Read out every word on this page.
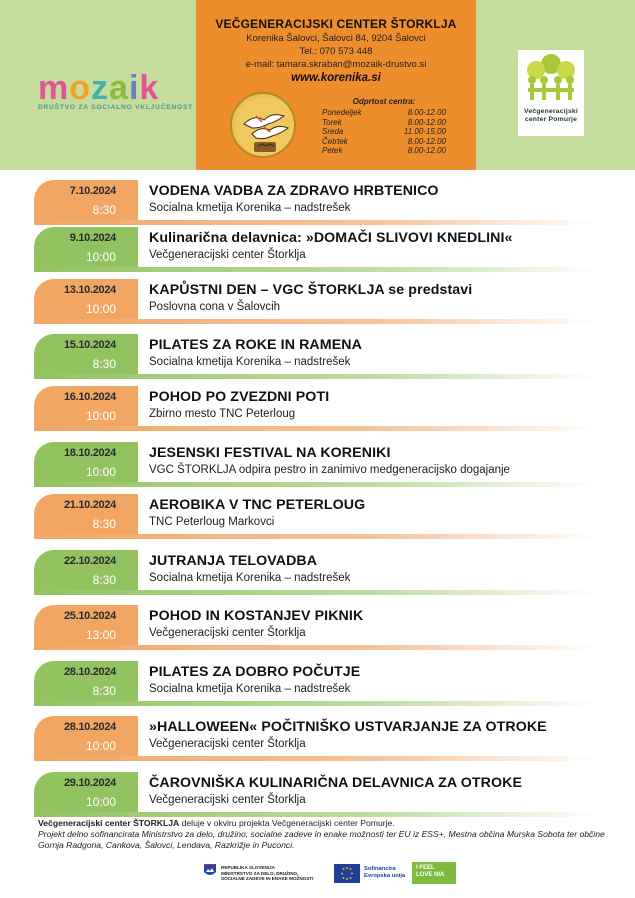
mozaik
DRUŠTVO ZA SOCIALNO VKLJUČENOST
VEČGENERACIJSKI CENTER ŠTORKLJA
Korenika Šalovci, Šalovci 84, 9204 Šalovci
Tel.: 070 573 448
e-mail: tamara.skraban@mozaik-drustvo.si
www.korenika.si
Odprtost centra:
Ponedeljek	8.00-12.00
Torek	8.00-12.00
Sreda	11.00-15.00
Četrtek	8.00-12.00
Petek	8.00-12.00
Večgeneracijski
center Pomurje
7.10.2024
8:30
VODENA VADBA ZA ZDRAVO HRBTENICO
Socialna kmetija Korenika – nadstrešek
9.10.2024
10:00
Kulinarična delavnica: »DOMAČI SLIVOVI KNEDLINI«
Večgeneracijski center Štorklja
13.10.2024
10:00
KAPŮSTNI DEN – VGC ŠTORKLJA se predstavi
Poslovna cona v Šalovcih
15.10.2024
8:30
PILATES ZA ROKE IN RAMENA
Socialna kmetija Korenika – nadstrešek
16.10.2024
10:00
POHOD PO ZVEZDNI POTI
Zbirno mesto TNC Peterloug
18.10.2024
10:00
JESENSKI FESTIVAL NA KORENIKI
VGC ŠTORKLJA odpira pestro in zanimivo medgeneracijsko dogajanje
21.10.2024
8:30
AEROBIKA V TNC PETERLOUG
TNC Peterloug Markovci
22.10.2024
8:30
JUTRANJA TELOVADBA
Socialna kmetija Korenika – nadstrešek
25.10.2024
13:00
POHOD IN KOSTANJEV PIKNIK
Večgeneracijski center Štorklja
28.10.2024
8:30
PILATES ZA DOBRO POČUTJE
Socialna kmetija Korenika – nadstrešek
28.10.2024
10:00
»HALLOWEEN« POČITNIŠKO USTVARJANJE ZA OTROKE
Večgeneracijski center Štorklja
29.10.2024
10:00
ČAROVNIŠKA KULINARIČNA DELAVNICA ZA OTROKE
Večgeneracijski center Štorklja
Večgeneracijski center ŠTORKLJA deluje v okviru projekta Večgeneracijski center Pomurje.
Projekt delno sofinancirata Ministrstvo za delo, družino, socialne zadeve in enake možnosti ter EU iz ESS+, Mestna občina Murska Sobota ter občine Gornja Radgona, Cankova, Šalovci, Lendava, Razkrižje in Puconci.
REPUBLIKA SLOVENIJA
MINISTRSTVO ZA DELO, DRUŽINO,
SOCIALNE ZADEVE IN ENAKE MOŽNOSTI
Sofinancira
Evropska unija
I FEEL
LOVE NIA
